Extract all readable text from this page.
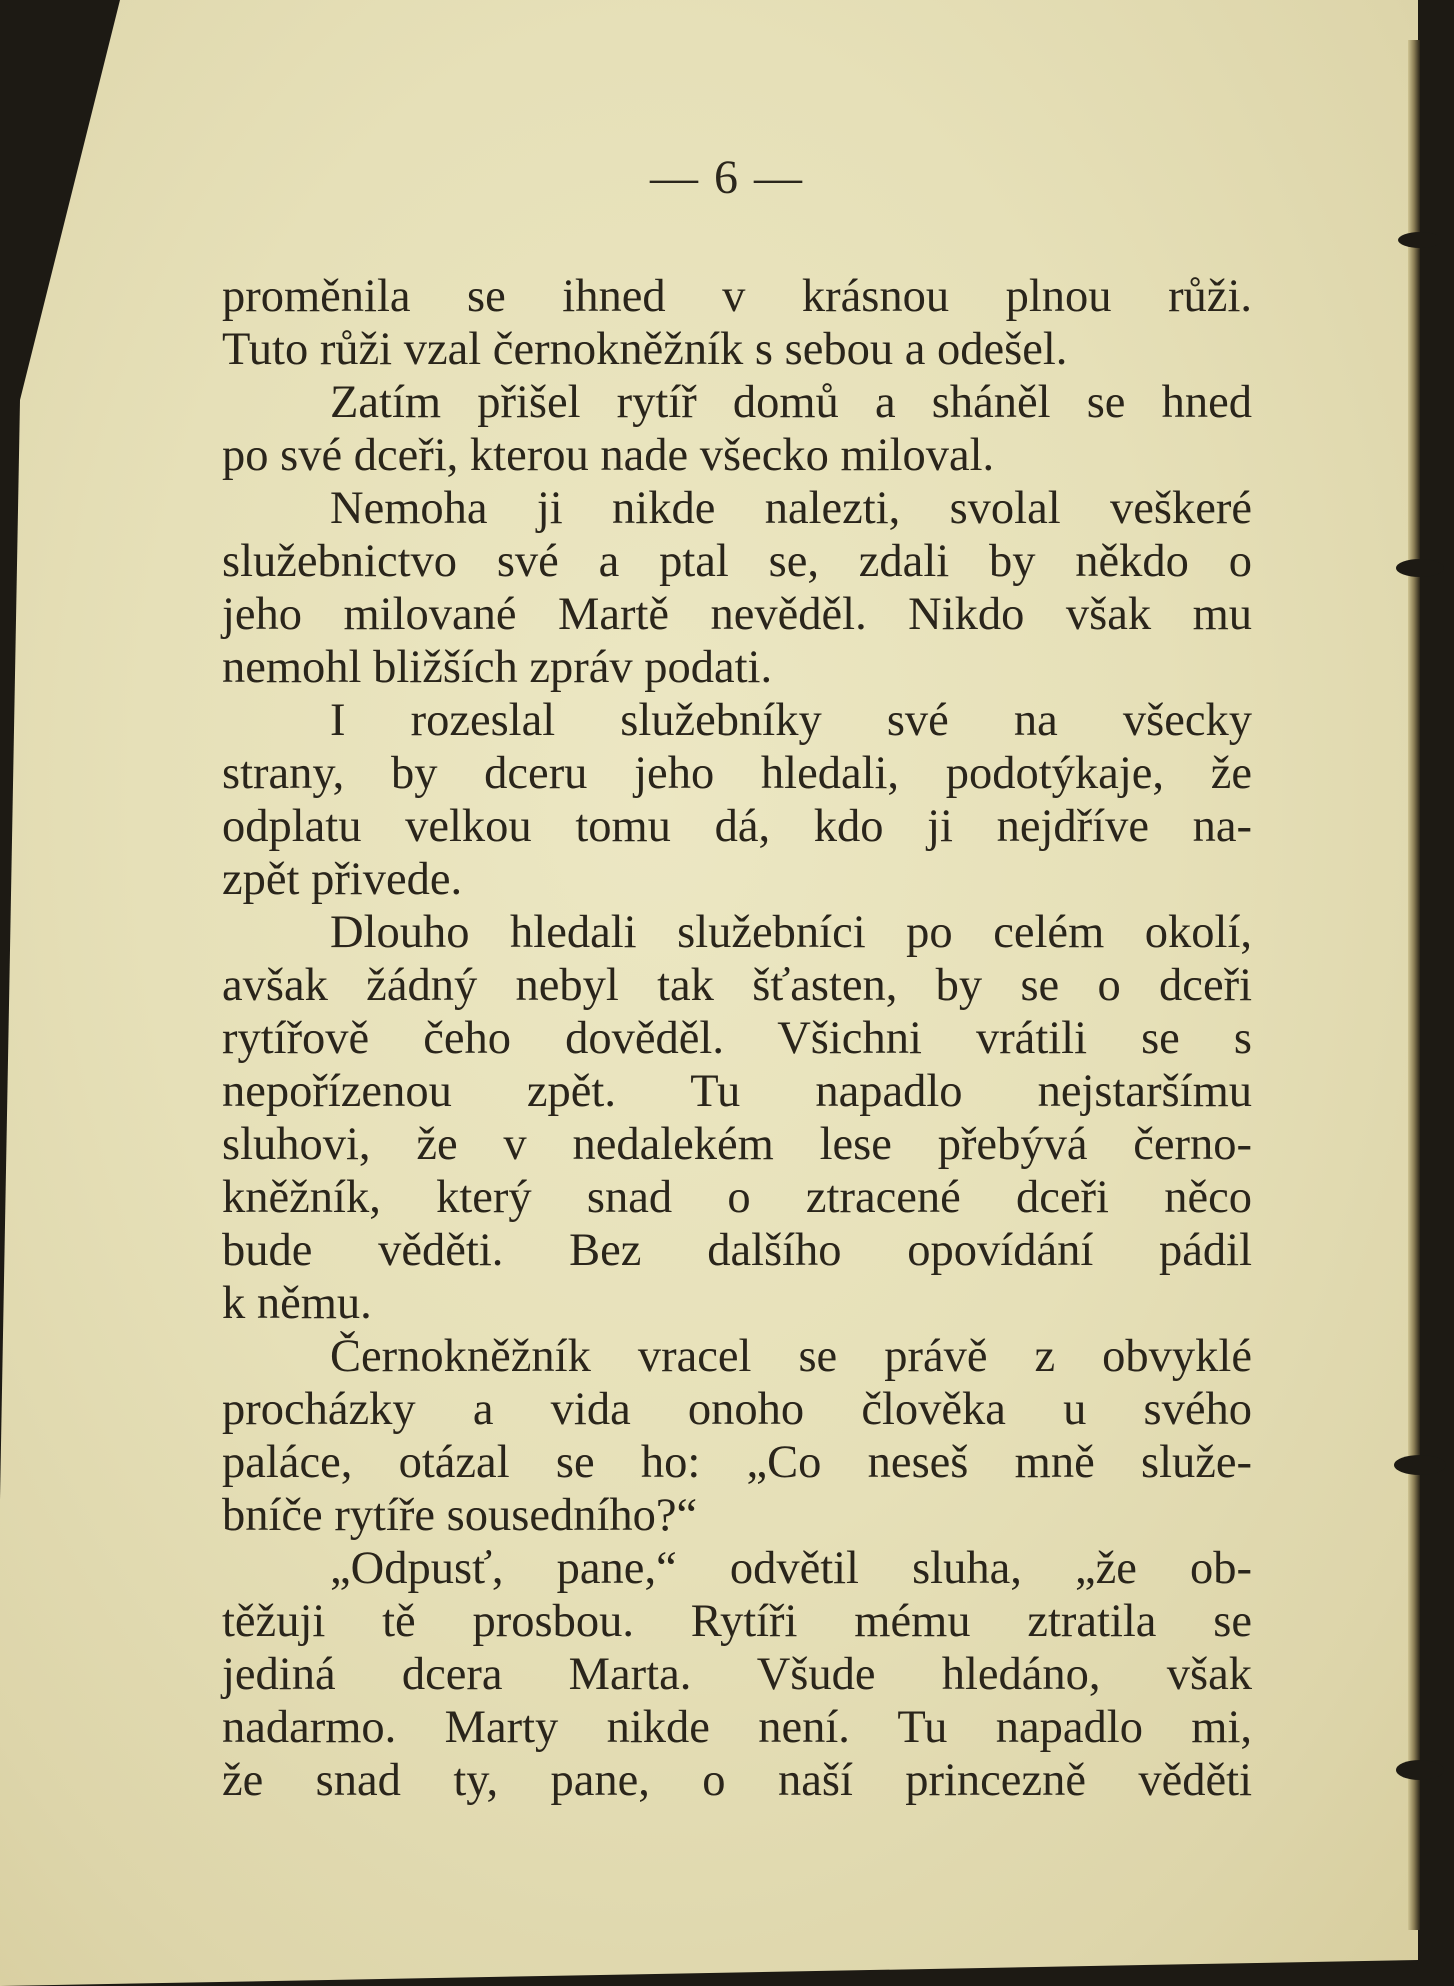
— 6 —
proměnila se ihned v krásnou plnou růži.
Tuto růži vzal černokněžník s sebou a odešel.
Zatím přišel rytíř domů a sháněl se hned
po své dceři, kterou nade všecko miloval.
Nemoha ji nikde nalezti, svolal veškeré
služebnictvo své a ptal se, zdali by někdo o
jeho milované Martě nevěděl. Nikdo však mu
nemohl bližších zpráv podati.
I rozeslal služebníky své na všecky
strany, by dceru jeho hledali, podotýkaje, že
odplatu velkou tomu dá, kdo ji nejdříve na-
zpět přivede.
Dlouho hledali služebníci po celém okolí,
avšak žádný nebyl tak šťasten, by se o dceři
rytířově čeho dověděl. Všichni vrátili se s
nepořízenou zpět. Tu napadlo nejstaršímu
sluhovi, že v nedalekém lese přebývá černo-
kněžník, který snad o ztracené dceři něco
bude věděti. Bez dalšího opovídání pádil
k němu.
Černokněžník vracel se právě z obvyklé
procházky a vida onoho člověka u svého
paláce, otázal se ho: „Co neseš mně služe-
bníče rytíře sousedního?“
„Odpusť, pane,“ odvětil sluha, „že ob-
těžuji tě prosbou. Rytíři mému ztratila se
jediná dcera Marta. Všude hledáno, však
nadarmo. Marty nikde není. Tu napadlo mi,
že snad ty, pane, o naší princezně věděti
